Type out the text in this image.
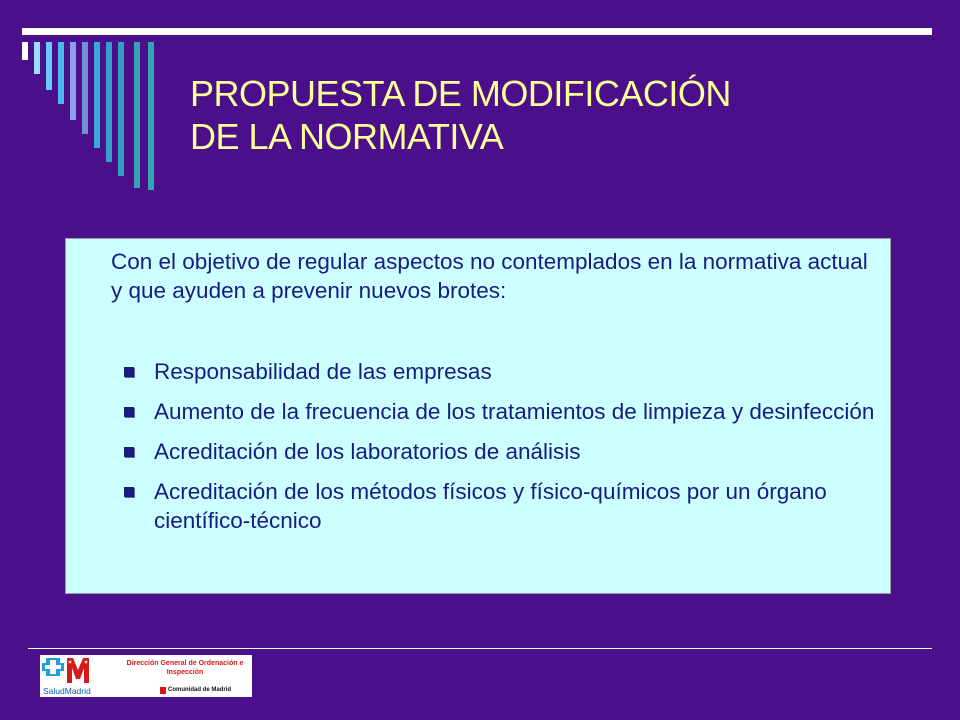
PROPUESTA DE MODIFICACIÓN
DE LA NORMATIVA

Con el objetivo de regular aspectos no contemplados en la normativa actual y que ayuden a prevenir nuevos brotes:

Responsabilidad de las empresas
Aumento de la frecuencia de los tratamientos de limpieza y desinfección
Acreditación de los laboratorios de análisis
Acreditación de los métodos físicos y físico-químicos por un órgano científico-técnico
SaludMadrid
Dirección General de Ordenación e Inspección
Comunidad de Madrid
